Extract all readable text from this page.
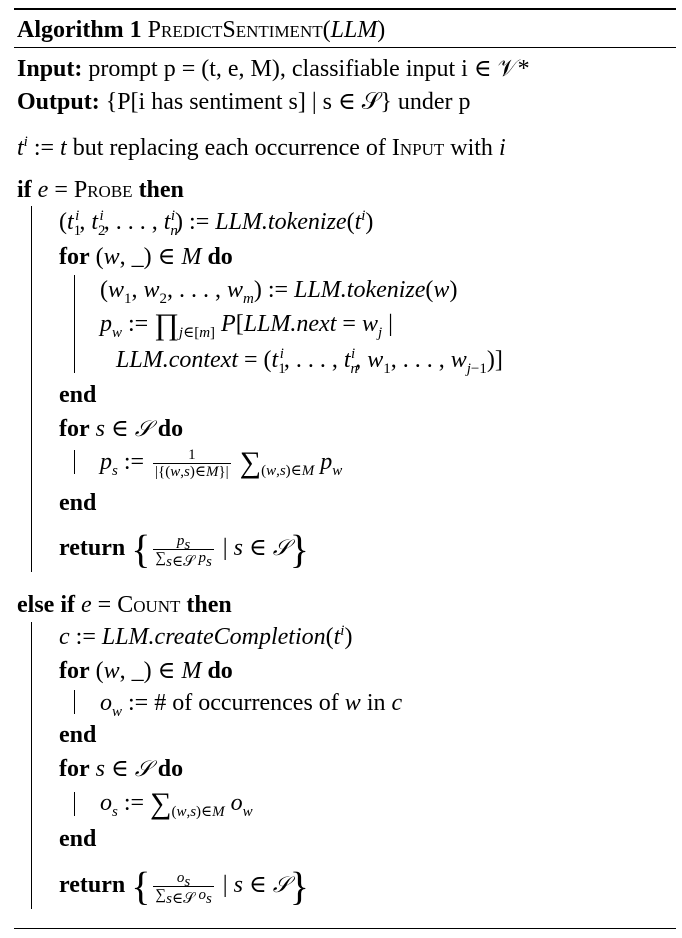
Algorithm 1 PredictSentiment(LLM)
Input: prompt p = (t, e, M), classifiable input i ∈ 𝒱*
Output: {P[i has sentiment s] | s ∈ 𝒮} under p
$t^i$ := t but replacing each occurrence of Input with i
if e = Probe then
($t_1^i$, $t_2^i$, . . . , $t_n^i$) := $LLM.tokenize(t^i)$
for (w, _) ∈ M do
($w_1$, $w_2$, . . . , $w_m$) := LLM.tokenize(w)
$p_w$ := $\prod_{j\in[m]}$ P[LLM.next = $w_j$ |
LLM.context = ($t_1^i$, . . . , $t_n^i$, $w_1$, . . . , $w_{j-1}$)]
end
for s ∈ 𝒮 do
$p_s$ := $\frac{1}{|\{(w,s)\in M\}|} \sum_{(w,s)\in M}$ $p_w$
end
return { $\frac{p_s}{\sum_{s\in 𝒮} p_s}$ | s ∈ 𝒮}
else if e = Count then
c := $LLM.createCompletion(t^i)$
for (w, _) ∈ M do
$o_w$ := # of occurrences of w in c
end
for s ∈ 𝒮 do
$o_s$ := $\sum_{(w,s)\in M}$ $o_w$
end
return { $\frac{o_s}{\sum_{s\in 𝒮} o_s}$ | s ∈ 𝒮}
